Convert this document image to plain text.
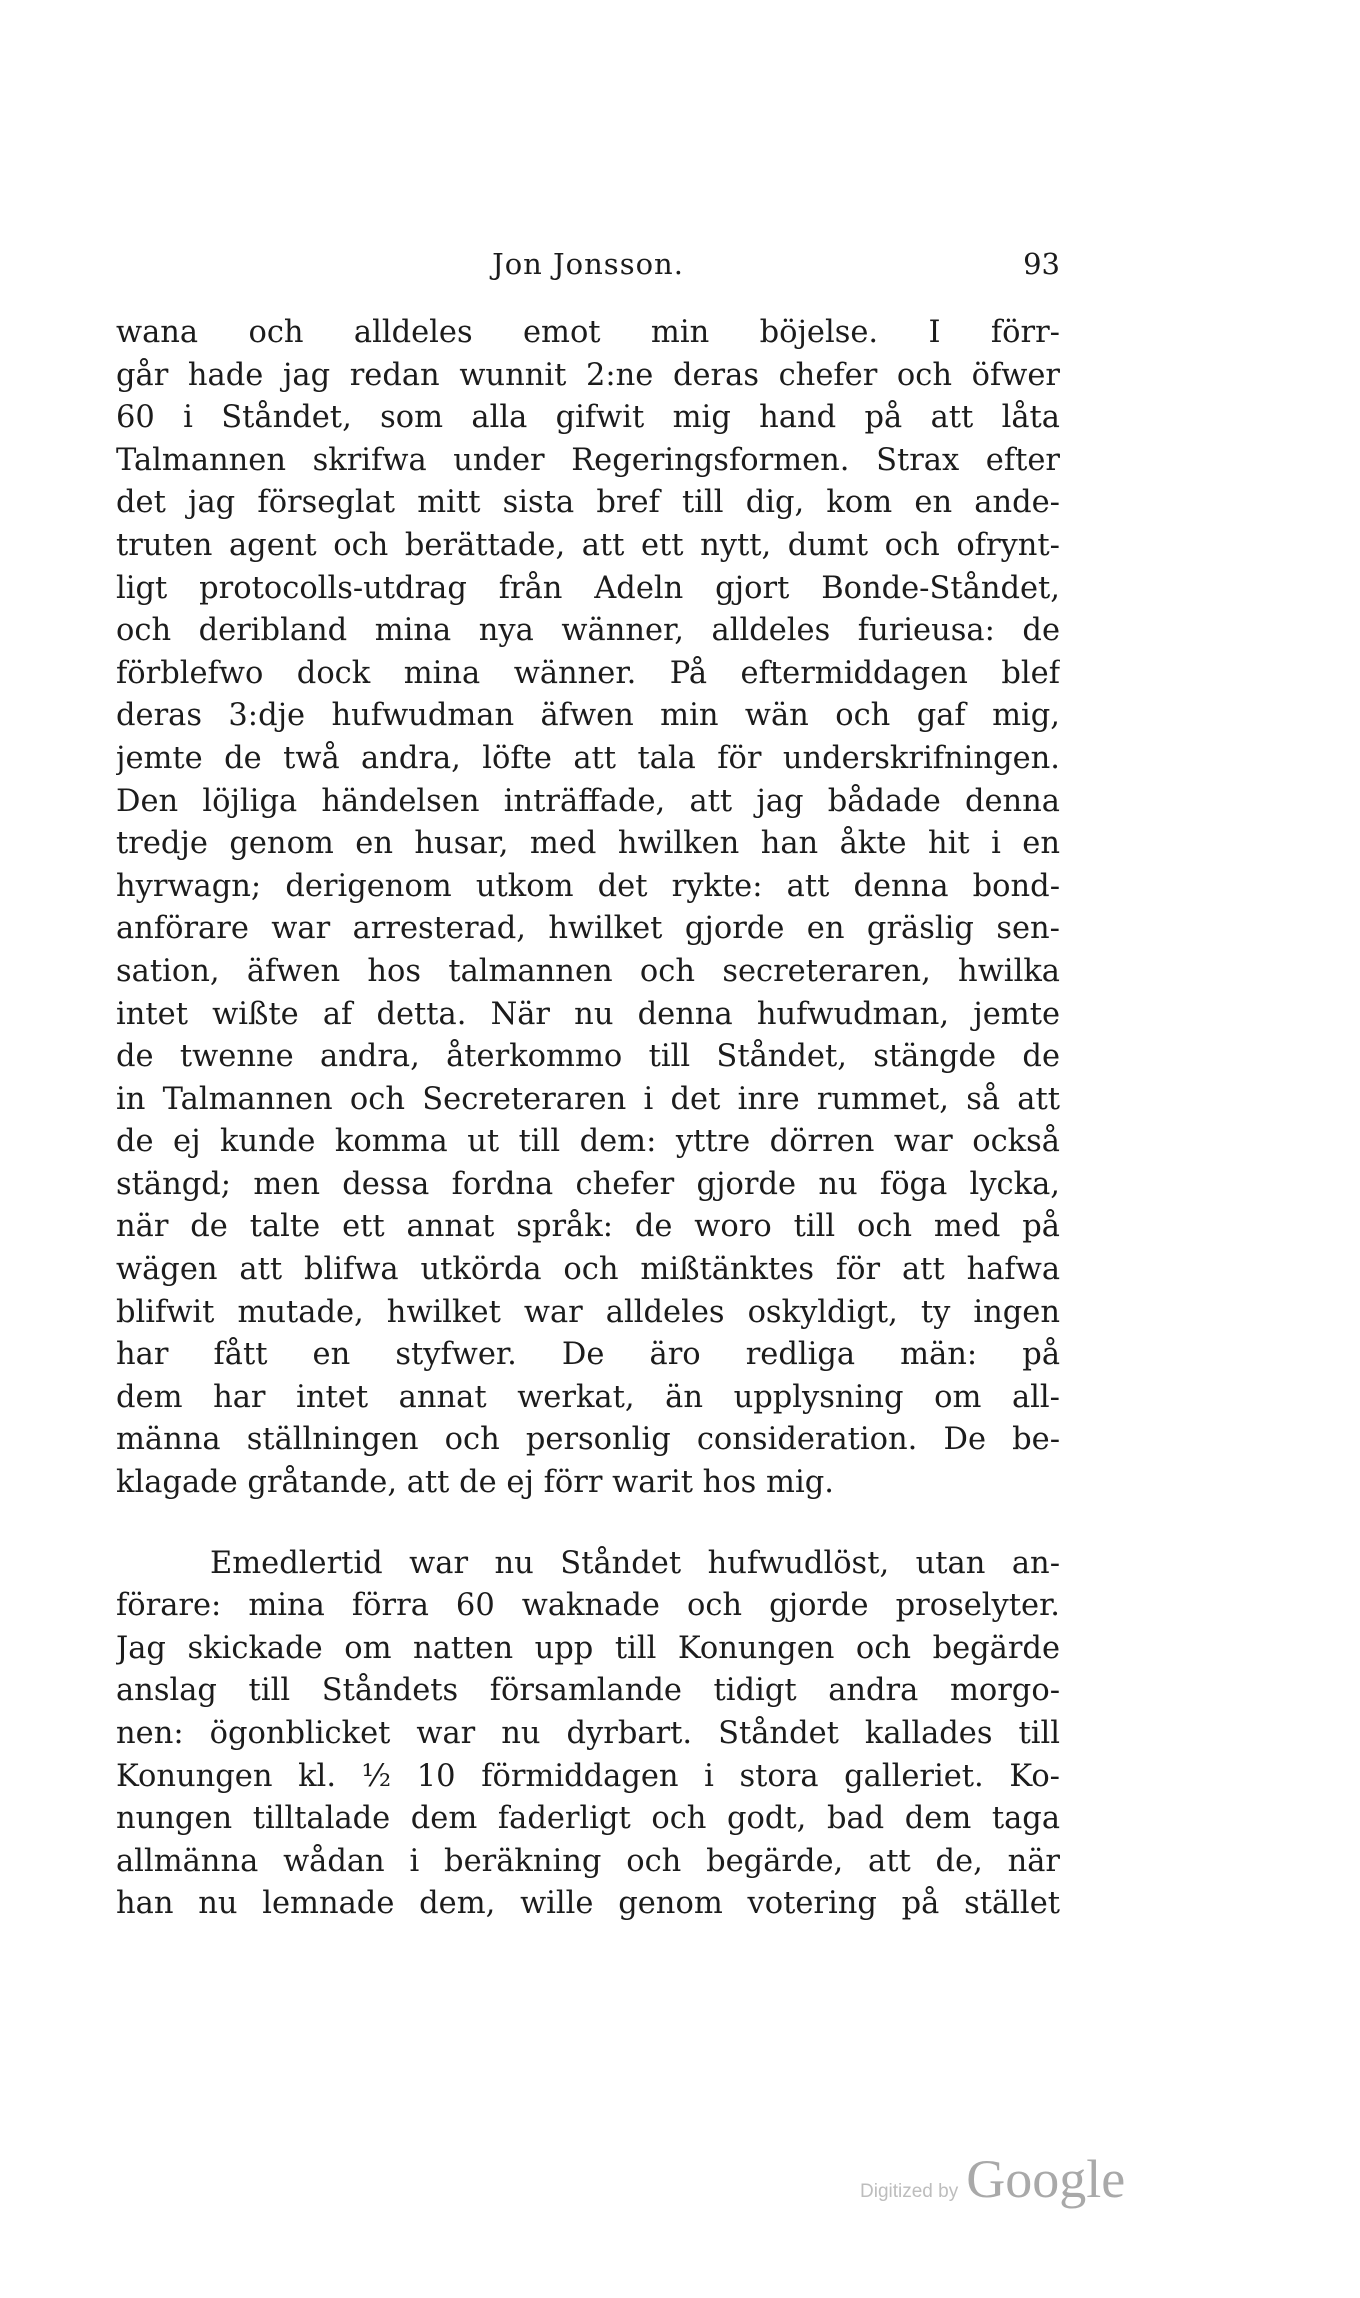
Jon Jonsson.	93
wana och alldeles emot min böjelse. I förr-
går hade jag redan wunnit 2:ne deras chefer och öfwer
60 i Ståndet, som alla gifwit mig hand på att låta
Talmannen skrifwa under Regeringsformen. Strax efter
det jag förseglat mitt sista bref till dig, kom en ande-
truten agent och berättade, att ett nytt, dumt och ofrynt-
ligt protocolls-utdrag från Adeln gjort Bonde-Ståndet,
och deribland mina nya wänner, alldeles furieusa: de
förblefwo dock mina wänner. På eftermiddagen blef
deras 3:dje hufwudman äfwen min wän och gaf mig,
jemte de twå andra, löfte att tala för underskrifningen.
Den löjliga händelsen inträffade, att jag bådade denna
tredje genom en husar, med hwilken han åkte hit i en
hyrwagn; derigenom utkom det rykte: att denna bond-
anförare war arresterad, hwilket gjorde en gräslig sen-
sation, äfwen hos talmannen och secreteraren, hwilka
intet wißte af detta. När nu denna hufwudman, jemte
de twenne andra, återkommo till Ståndet, stängde de
in Talmannen och Secreteraren i det inre rummet, så att
de ej kunde komma ut till dem: yttre dörren war också
stängd; men dessa fordna chefer gjorde nu föga lycka,
när de talte ett annat språk: de woro till och med på
wägen att blifwa utkörda och mißtänktes för att hafwa
blifwit mutade, hwilket war alldeles oskyldigt, ty ingen
har fått en styfwer. De äro redliga män: på
dem har intet annat werkat, än upplysning om all-
männa ställningen och personlig consideration. De be-
klagade gråtande, att de ej förr warit hos mig.
Emedlertid war nu Ståndet hufwudlöst, utan an-
förare: mina förra 60 waknade och gjorde proselyter.
Jag skickade om natten upp till Konungen och begärde
anslag till Ståndets församlande tidigt andra morgo-
nen: ögonblicket war nu dyrbart. Ståndet kallades till
Konungen kl. ½ 10 förmiddagen i stora galleriet. Ko-
nungen tilltalade dem faderligt och godt, bad dem taga
allmänna wådan i beräkning och begärde, att de, när
han nu lemnade dem, wille genom votering på stället
Digitized by Google
